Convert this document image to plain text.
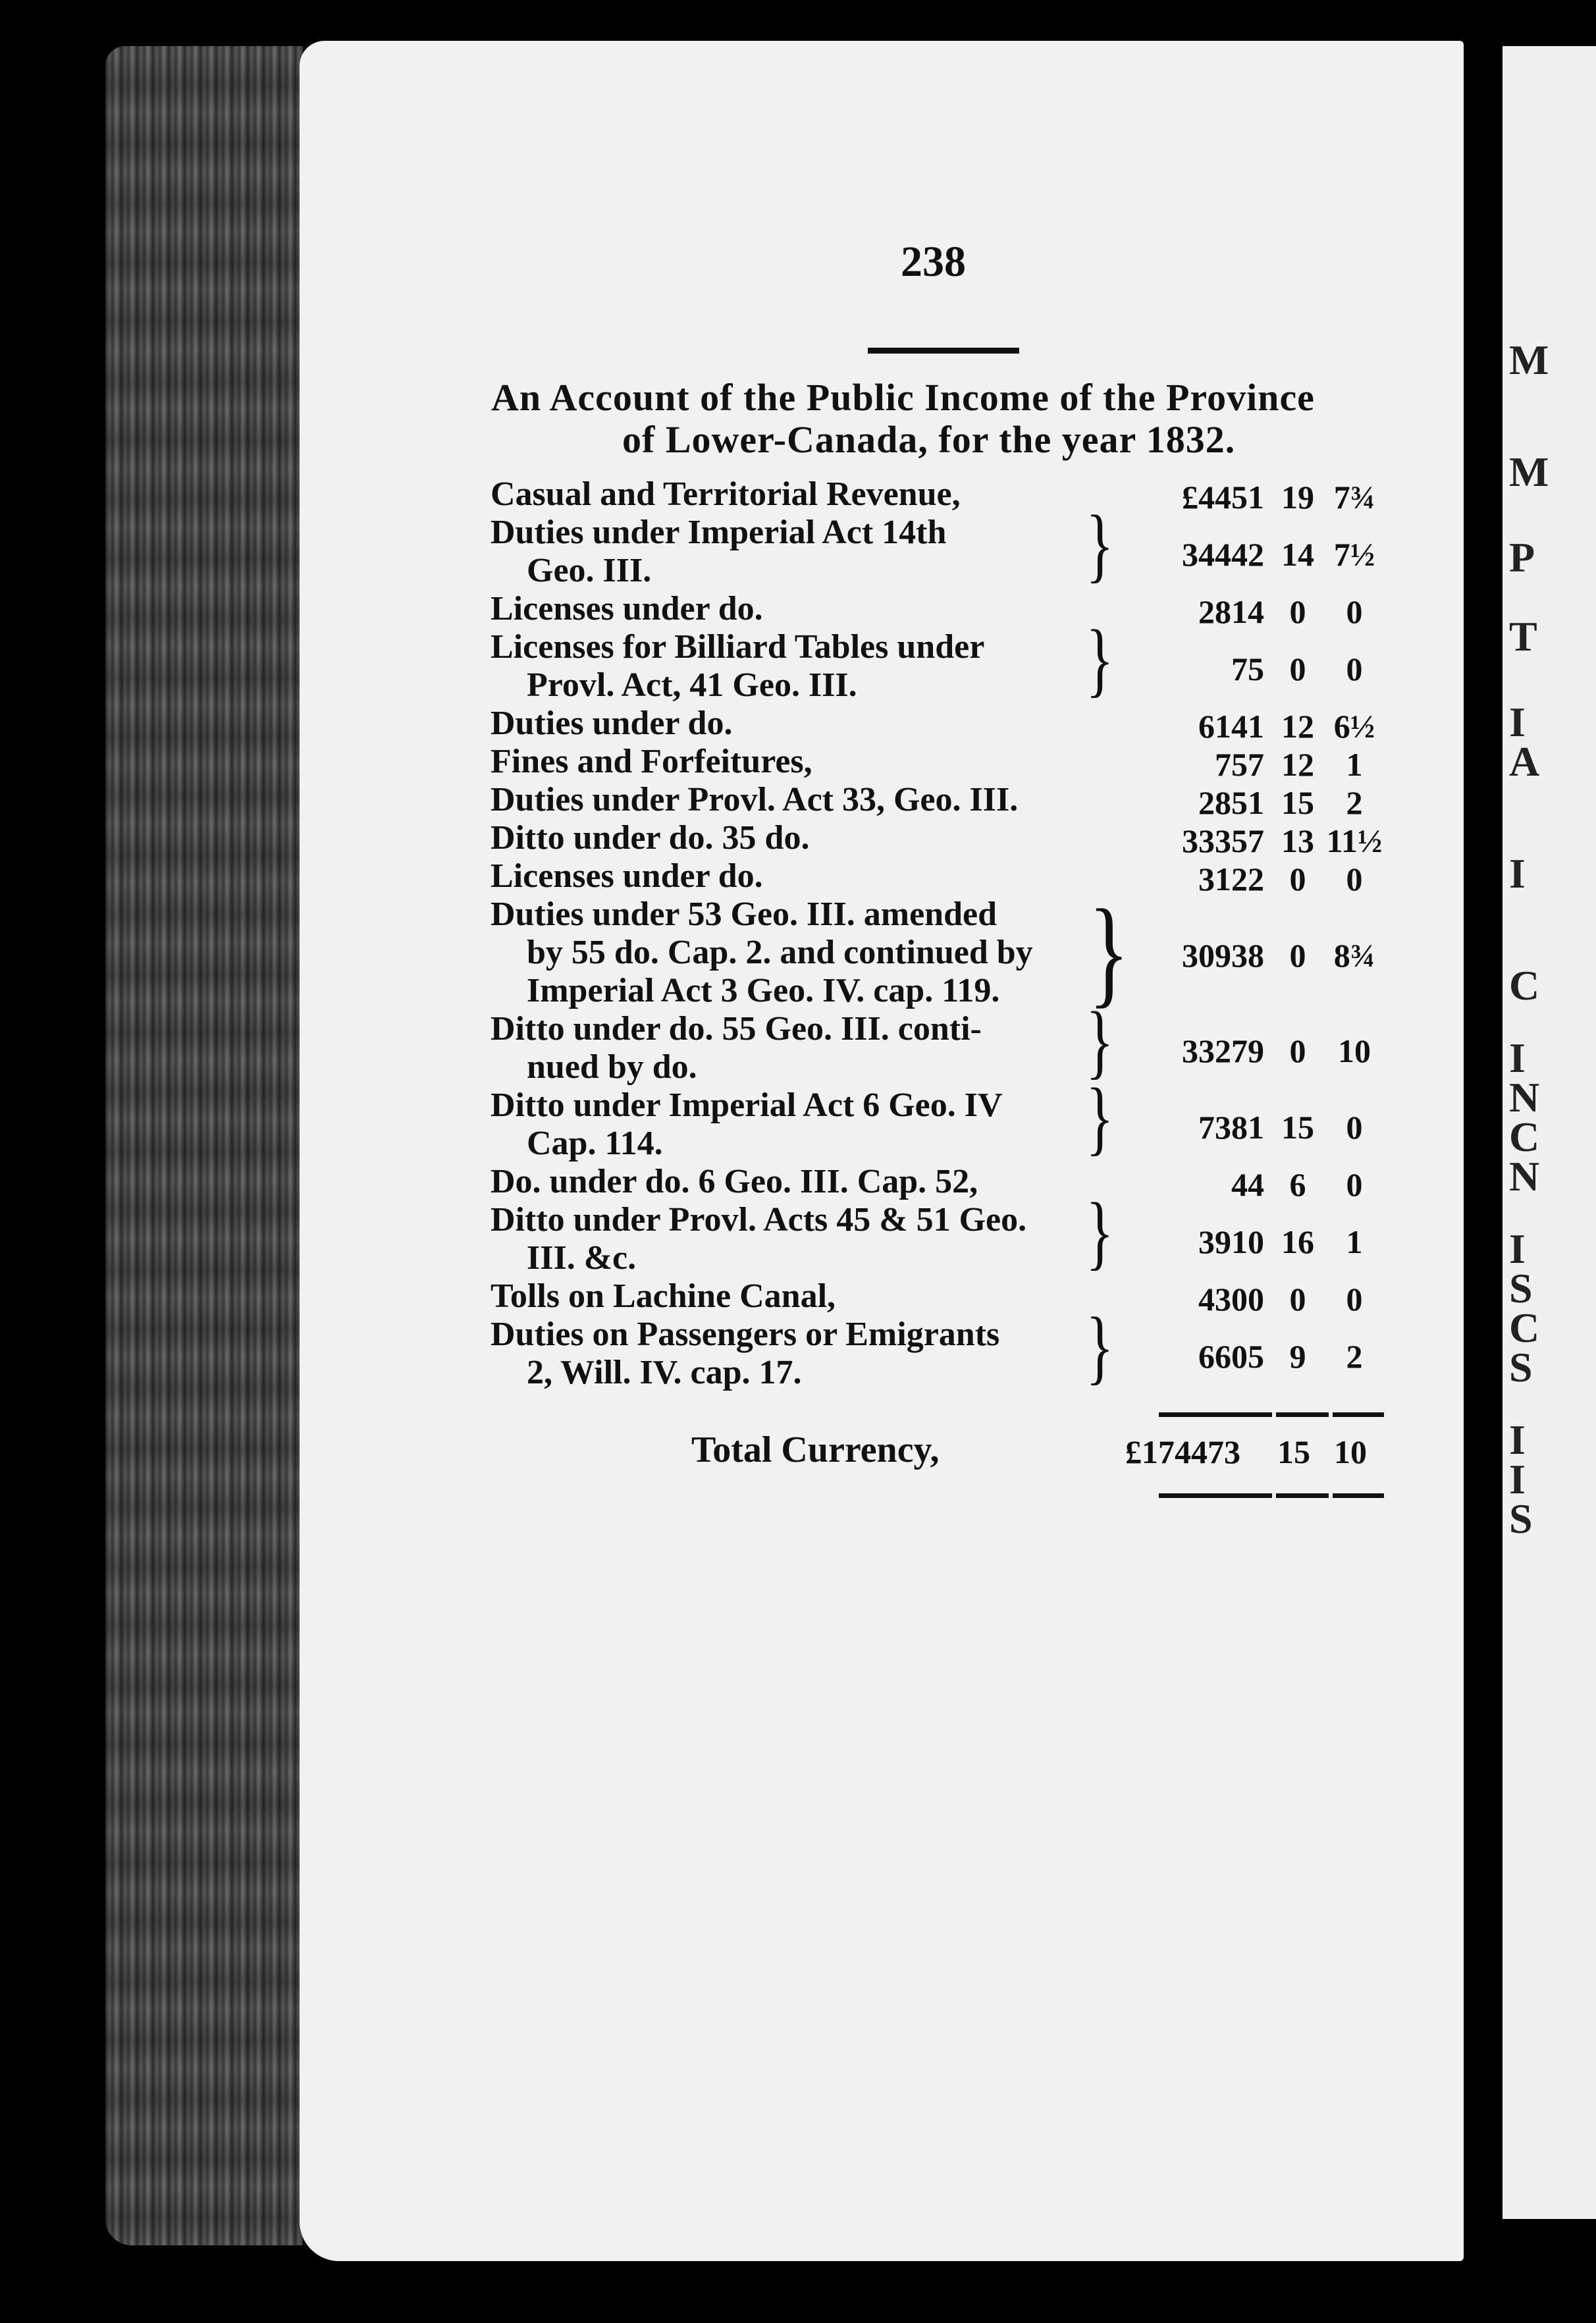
M
M
P
T
I
A
I
C
I
N
C
N
I
S
C
S
I
I
S
238
An Account of the Public Income of the Province
of Lower-Canada, for the year 1832.
Casual and Territorial Revenue,	£4451 19 7¾
Duties under Imperial Act 14th
Geo. III.	}	34442 14 7½
Licenses under do.	2814 0	0
Licenses for Billiard Tables under
Provl. Act, 41 Geo. III.	}	75 0	0
Duties under do.	6141 12 6½
Fines and Forfeitures,	757 12 1
Duties under Provl. Act 33, Geo. III.	2851 15 2
Ditto under do. 35 do.	33357 13 11½
Licenses under do.	3122 0	0
Duties under 53 Geo. III. amended
by 55 do. Cap. 2. and continued by
Imperial Act 3 Geo. IV. cap. 119. }	30938 0 8¾
Ditto under do. 55 Geo. III. conti-
nued by do.	}	33279 0 10
Ditto under Imperial Act 6 Geo. IV
Cap. 114.	}	7381 15 0
Do. under do. 6 Geo. III. Cap. 52,	44 6	0
Ditto under Provl. Acts 45 & 51 Geo.
III. &c.	}	3910 16 1
Tolls on Lachine Canal,	4300 0	0
Duties on Passengers or Emigrants
2, Will. IV. cap. 17.	}	6605 9	2
Total Currency,	£174473	15 10
